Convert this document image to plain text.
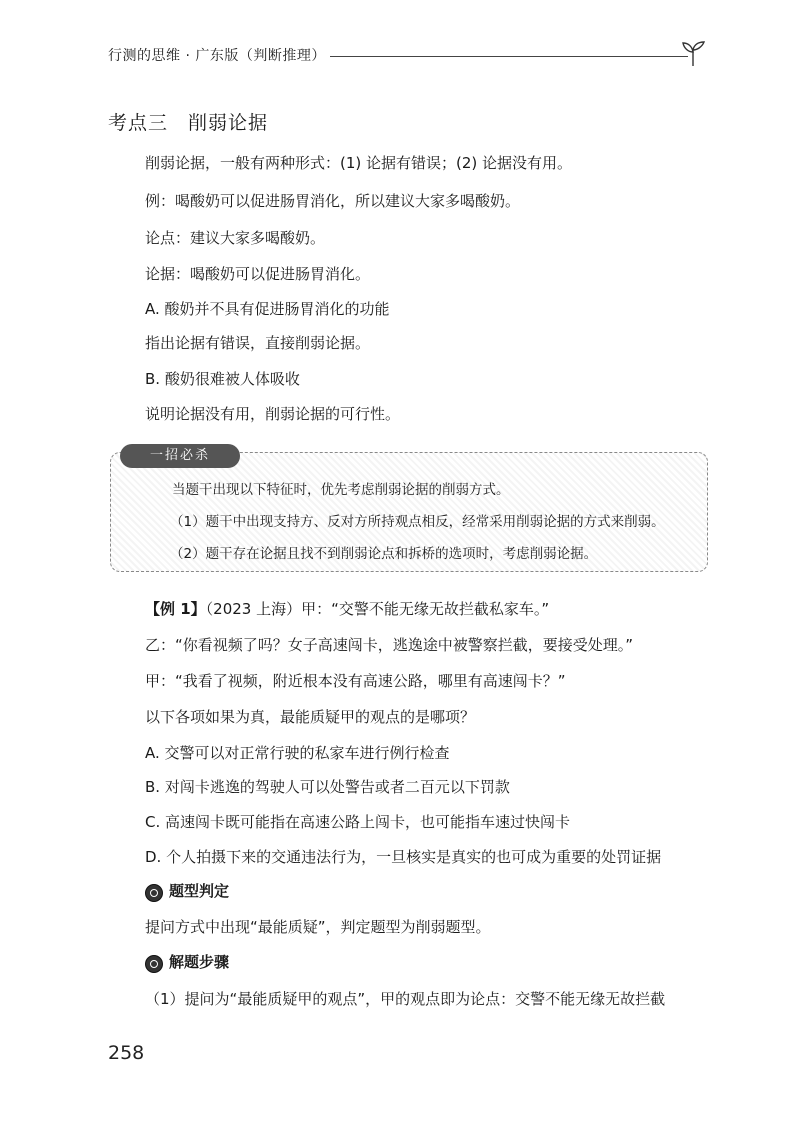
行测的思维 · 广东版（判断推理）
考点三　削弱论据
削弱论据，一般有两种形式：(1) 论据有错误；(2) 论据没有用。
例：喝酸奶可以促进肠胃消化，所以建议大家多喝酸奶。
论点：建议大家多喝酸奶。
论据：喝酸奶可以促进肠胃消化。
A. 酸奶并不具有促进肠胃消化的功能
指出论据有错误，直接削弱论据。
B. 酸奶很难被人体吸收
说明论据没有用，削弱论据的可行性。
一招必杀
当题干出现以下特征时，优先考虑削弱论据的削弱方式。
（1）题干中出现支持方、反对方所持观点相反，经常采用削弱论据的方式来削弱。
（2）题干存在论据且找不到削弱论点和拆桥的选项时，考虑削弱论据。
【例 1】（2023 上海）甲：“交警不能无缘无故拦截私家车。”
乙：“你看视频了吗？女子高速闯卡，逃逸途中被警察拦截，要接受处理。”
甲：“我看了视频，附近根本没有高速公路，哪里有高速闯卡？”
以下各项如果为真，最能质疑甲的观点的是哪项？
A. 交警可以对正常行驶的私家车进行例行检查
B. 对闯卡逃逸的驾驶人可以处警告或者二百元以下罚款
C. 高速闯卡既可能指在高速公路上闯卡，也可能指车速过快闯卡
D. 个人拍摄下来的交通违法行为，一旦核实是真实的也可成为重要的处罚证据
题型判定
提问方式中出现“最能质疑”，判定题型为削弱题型。
解题步骤
（1）提问为“最能质疑甲的观点”，甲的观点即为论点：交警不能无缘无故拦截
258
